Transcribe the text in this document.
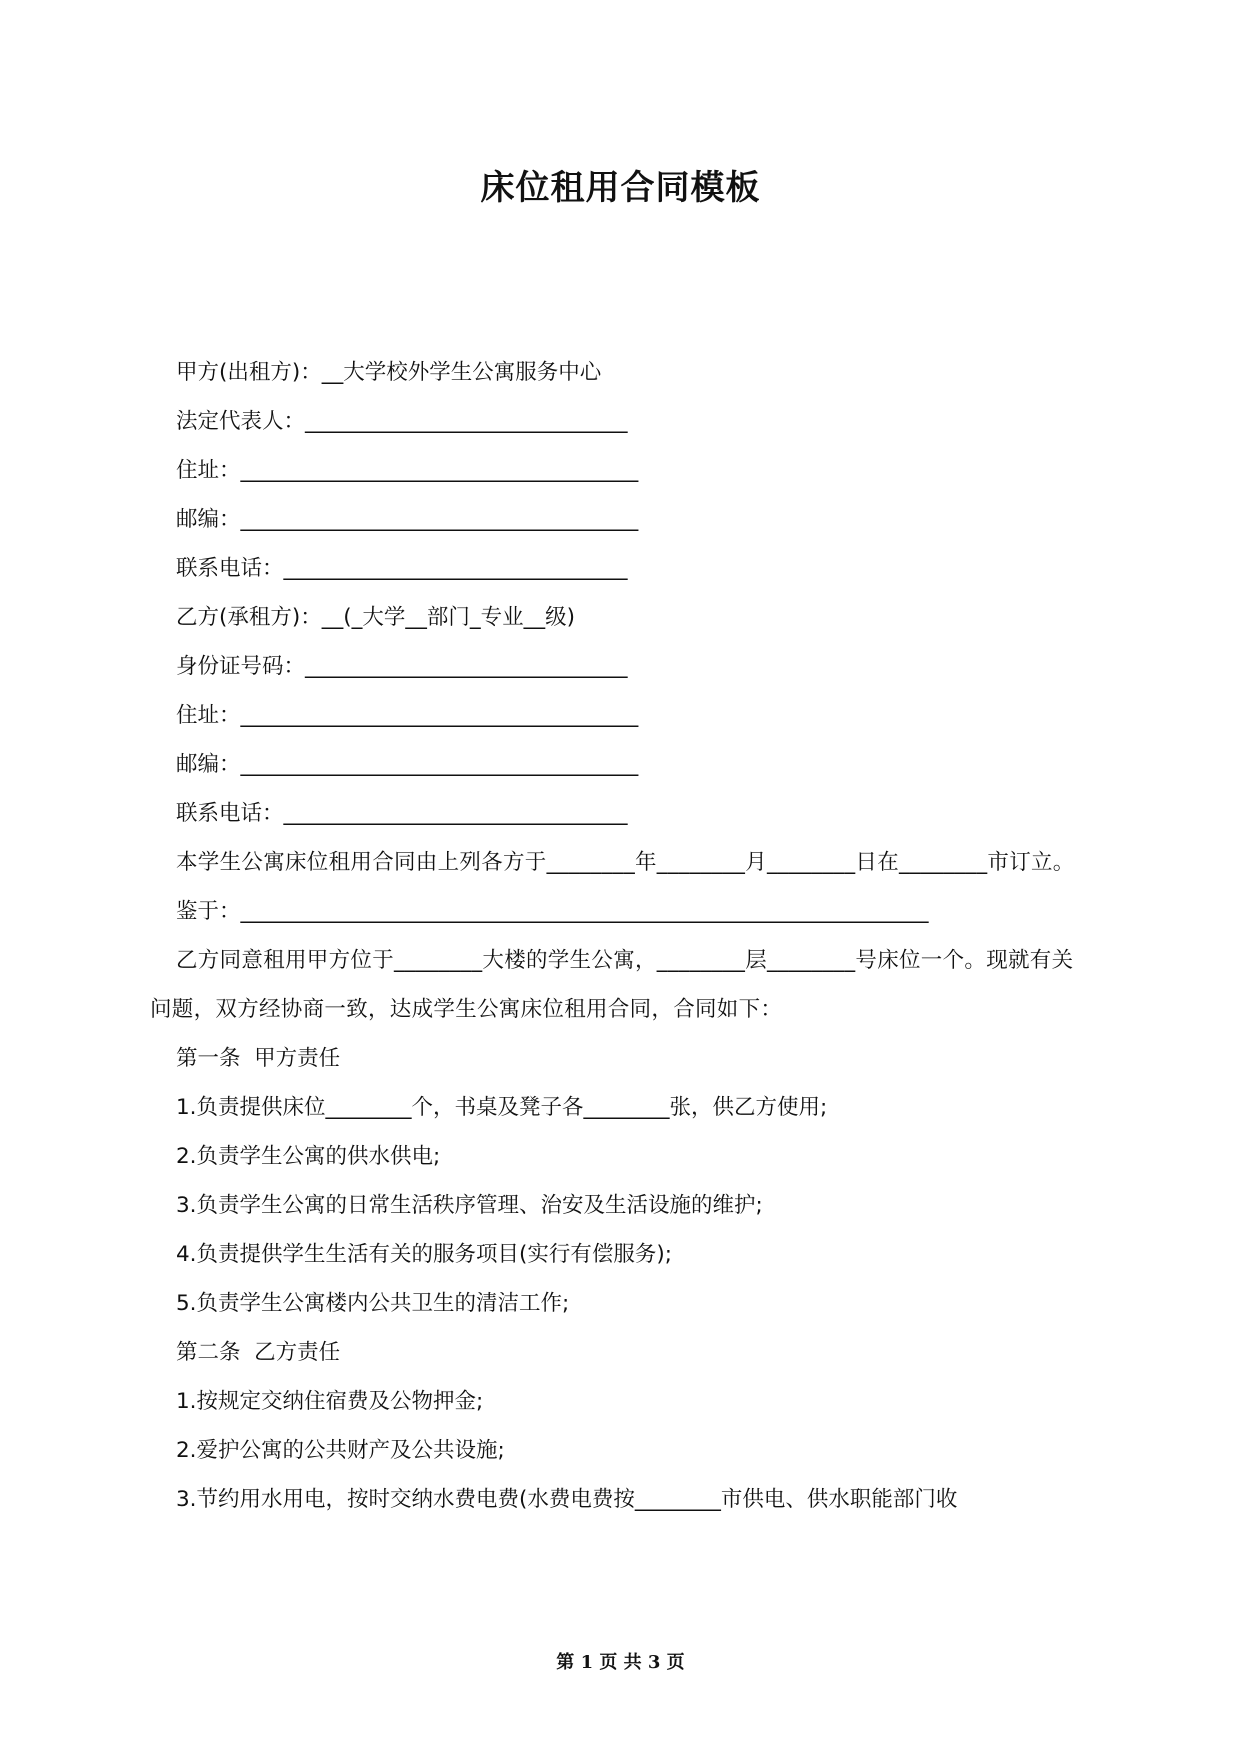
床位租用合同模板

甲方(出租方)：__大学校外学生公寓服务中心

法定代表人：______________________________

住址：_____________________________________

邮编：_____________________________________

联系电话：________________________________

乙方(承租方)：__(_大学__部门_专业__级)

身份证号码：______________________________

住址：_____________________________________

邮编：_____________________________________

联系电话：________________________________

本学生公寓床位租用合同由上列各方于________年________月________日在________市订立。

鉴于：________________________________________________________________

乙方同意租用甲方位于________大楼的学生公寓，________层________号床位一个。现就有关问题，双方经协商一致，达成学生公寓床位租用合同，合同如下：

第一条  甲方责任

1.负责提供床位________个，书桌及凳子各________张，供乙方使用;

2.负责学生公寓的供水供电;

3.负责学生公寓的日常生活秩序管理、治安及生活设施的维护;

4.负责提供学生生活有关的服务项目(实行有偿服务);

5.负责学生公寓楼内公共卫生的清洁工作;

第二条  乙方责任

1.按规定交纳住宿费及公物押金;

2.爱护公寓的公共财产及公共设施;

3.节约用水用电，按时交纳水费电费(水费电费按________市供电、供水职能部门收

第 1 页 共 3 页
